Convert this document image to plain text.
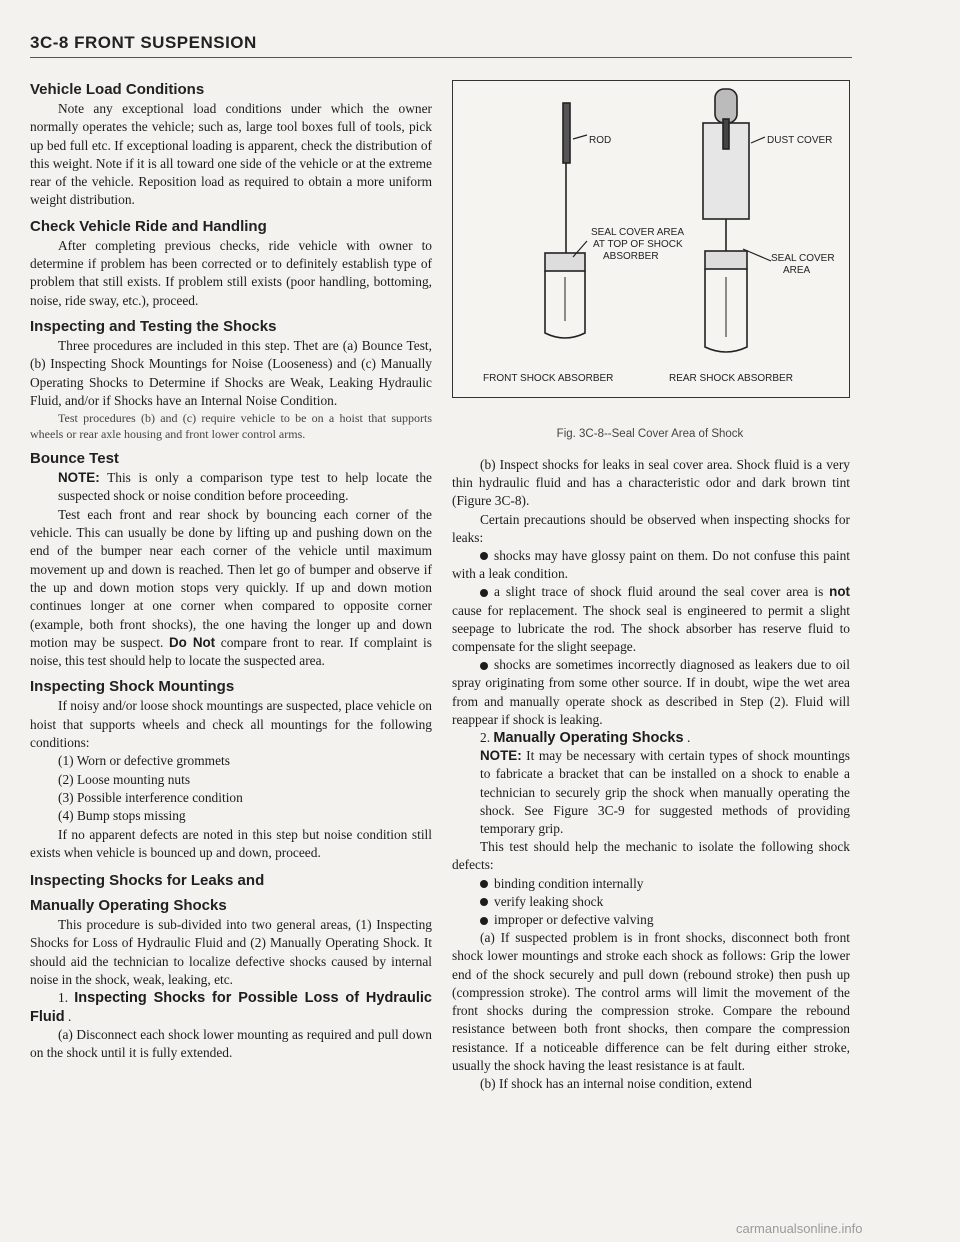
3C-8 FRONT SUSPENSION
Vehicle Load Conditions

Note any exceptional load conditions under which the owner normally operates the vehicle; such as, large tool boxes full of tools, pick up bed full etc. If exceptional loading is apparent, check the distribution of this weight. Note if it is all toward one side of the vehicle or at the extreme rear of the vehicle. Reposition load as required to obtain a more uniform weight distribution.

Check Vehicle Ride and Handling

After completing previous checks, ride vehicle with owner to determine if problem has been corrected or to definitely establish type of problem that still exists. If problem still exists (poor handling, bottoming, noise, ride sway, etc.), proceed.

Inspecting and Testing the Shocks

Three procedures are included in this step. Thet are (a) Bounce Test, (b) Inspecting Shock Mountings for Noise (Looseness) and (c) Manually Operating Shocks to Determine if Shocks are Weak, Leaking Hydraulic Fluid, and/or if Shocks have an Internal Noise Condition.

Test procedures (b) and (c) require vehicle to be on a hoist that supports wheels or rear axle housing and front lower control arms.

Bounce Test

NOTE: This is only a comparison type test to help locate the suspected shock or noise condition before proceeding.

Test each front and rear shock by bouncing each corner of the vehicle. This can usually be done by lifting up and pushing down on the end of the bumper near each corner of the vehicle until maximum movement up and down is reached. Then let go of bumper and observe if the up and down motion stops very quickly. If up and down motion continues longer at one corner when compared to opposite corner (example, both front shocks), the one having the longer up and down motion may be suspect. Do Not compare front to rear. If complaint is noise, this test should help to locate the suspected area.

Inspecting Shock Mountings

If noisy and/or loose shock mountings are suspected, place vehicle on hoist that supports wheels and check all mountings for the following conditions:

(1) Worn or defective grommets

(2) Loose mounting nuts

(3) Possible interference condition

(4) Bump stops missing

If no apparent defects are noted in this step but noise condition still exists when vehicle is bounced up and down, proceed.

Inspecting Shocks for Leaks and
Manually Operating Shocks

This procedure is sub-divided into two general areas, (1) Inspecting Shocks for Loss of Hydraulic Fluid and (2) Manually Operating Shock. It should aid the technician to localize defective shocks caused by internal noise in the shock, weak, leaking, etc.

1. Inspecting Shocks for Possible Loss of Hydraulic Fluid .

(a) Disconnect each shock lower mounting as required and pull down on the shock until it is fully extended.

ROD
SEAL COVER AREA
AT TOP OF SHOCK
ABSORBER
DUST COVER
SEAL COVER
AREA
FRONT SHOCK ABSORBER	REAR SHOCK ABSORBER
Fig. 3C-8--Seal Cover Area of Shock

(b) Inspect shocks for leaks in seal cover area. Shock fluid is a very thin hydraulic fluid and has a characteristic odor and dark brown tint (Figure 3C-8).

Certain precautions should be observed when inspecting shocks for leaks:

shocks may have glossy paint on them. Do not confuse this paint with a leak condition.

a slight trace of shock fluid around the seal cover area is not cause for replacement. The shock seal is engineered to permit a slight seepage to lubricate the rod. The shock absorber has reserve fluid to compensate for the slight seepage.

shocks are sometimes incorrectly diagnosed as leakers due to oil spray originating from some other source. If in doubt, wipe the wet area from and manually operate shock as described in Step (2). Fluid will reappear if shock is leaking.

2. Manually Operating Shocks .

NOTE: It may be necessary with certain types of shock mountings to fabricate a bracket that can be installed on a shock to enable a technician to securely grip the shock when manually operating the shock. See Figure 3C-9 for suggested methods of providing temporary grip.

This test should help the mechanic to isolate the following shock defects:

binding condition internally

verify leaking shock

improper or defective valving

(a) If suspected problem is in front shocks, disconnect both front shock lower mountings and stroke each shock as follows: Grip the lower end of the shock securely and pull down (rebound stroke) then push up (compression stroke). The control arms will limit the movement of the front shocks during the compression stroke. Compare the rebound resistance between both front shocks, then compare the compression resistance. If a noticeable difference can be felt during either stroke, usually the shock having the least resistance is at fault.

(b) If shock has an internal noise condition, extend

carmanualsonline.info
